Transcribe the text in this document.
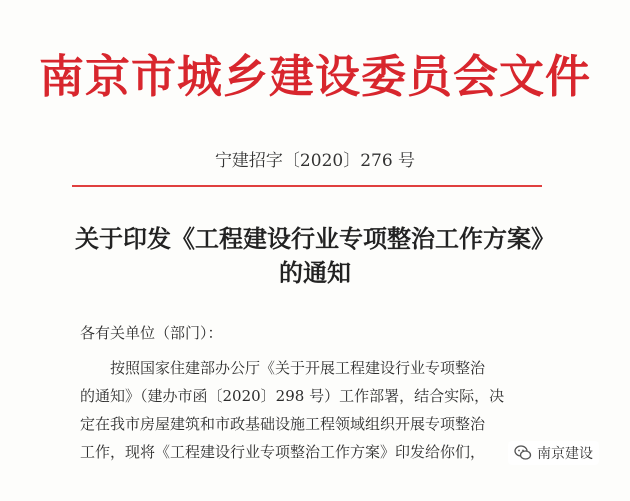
南京市城乡建设委员会文件
宁建招字〔2020〕276 号
关于印发《工程建设行业专项整治工作方案》
的通知
各有关单位（部门）：
按照国家住建部办公厅《关于开展工程建设行业专项整治
的通知》（建办市函〔2020〕298 号）工作部署，结合实际，决
定在我市房屋建筑和市政基础设施工程领域组织开展专项整治
工作，现将《工程建设行业专项整治工作方案》印发给你们，	南京建设
